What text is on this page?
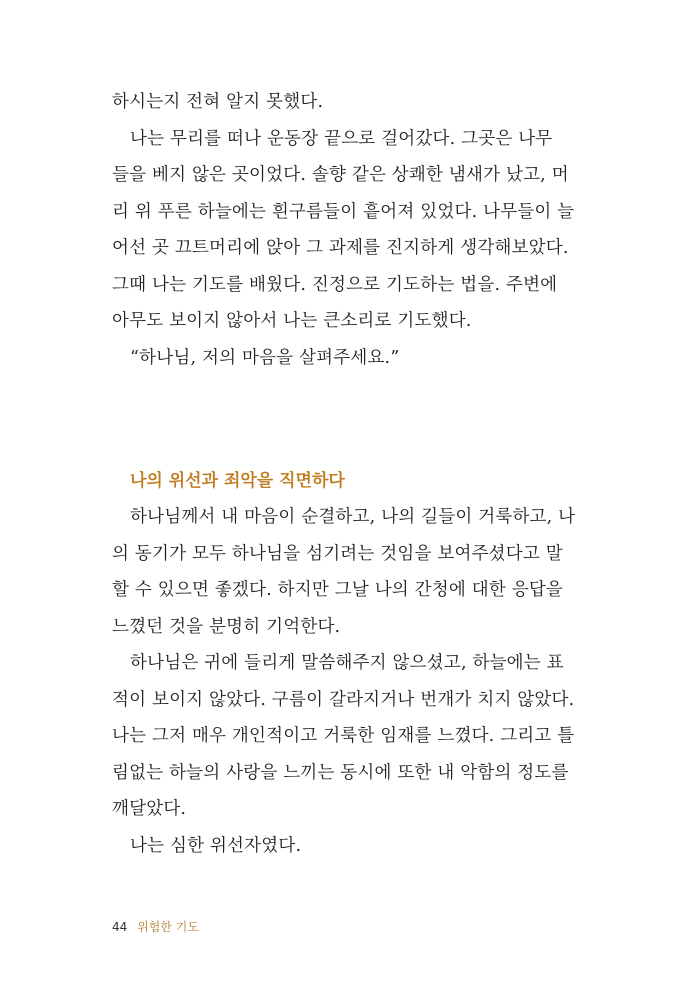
하시는지 전혀 알지 못했다.

나는 무리를 떠나 운동장 끝으로 걸어갔다. 그곳은 나무

들을 베지 않은 곳이었다. 솔향 같은 상쾌한 냄새가 났고, 머

리 위 푸른 하늘에는 흰구름들이 흩어져 있었다. 나무들이 늘

어선 곳 끄트머리에 앉아 그 과제를 진지하게 생각해보았다.

그때 나는 기도를 배웠다. 진정으로 기도하는 법을. 주변에

아무도 보이지 않아서 나는 큰소리로 기도했다.

“하나님, 저의 마음을 살펴주세요.”

나의 위선과 죄악을 직면하다

하나님께서 내 마음이 순결하고, 나의 길들이 거룩하고, 나

의 동기가 모두 하나님을 섬기려는 것임을 보여주셨다고 말

할 수 있으면 좋겠다. 하지만 그날 나의 간청에 대한 응답을

느꼈던 것을 분명히 기억한다.

하나님은 귀에 들리게 말씀해주지 않으셨고, 하늘에는 표

적이 보이지 않았다. 구름이 갈라지거나 번개가 치지 않았다.

나는 그저 매우 개인적이고 거룩한 임재를 느꼈다. 그리고 틀

림없는 하늘의 사랑을 느끼는 동시에 또한 내 악함의 정도를

깨달았다.

나는 심한 위선자였다.

44 위험한 기도
